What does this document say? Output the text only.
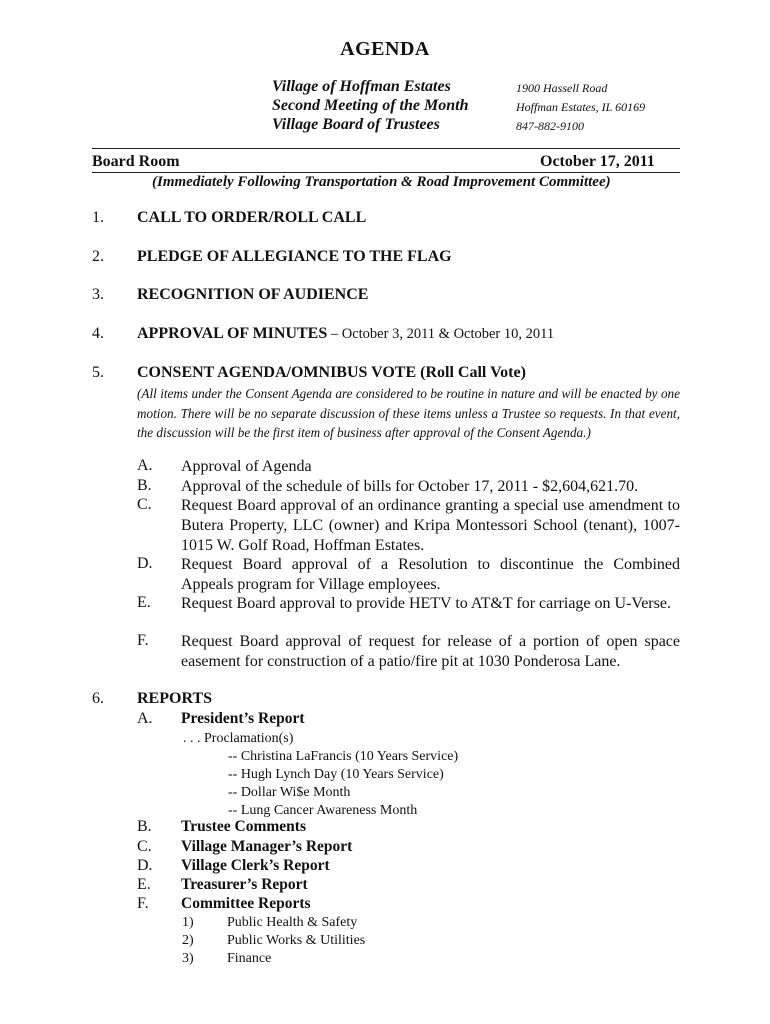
AGENDA
Village of Hoffman Estates
Second Meeting of the Month
Village Board of Trustees
1900 Hassell Road
Hoffman Estates, IL 60169
847-882-9100
Board Room	October 17, 2011
(Immediately Following Transportation & Road Improvement Committee)
1. CALL TO ORDER/ROLL CALL
2. PLEDGE OF ALLEGIANCE TO THE FLAG
3. RECOGNITION OF AUDIENCE
4. APPROVAL OF MINUTES – October 3, 2011 & October 10, 2011
5. CONSENT AGENDA/OMNIBUS VOTE (Roll Call Vote)
(All items under the Consent Agenda are considered to be routine in nature and will be enacted by one motion. There will be no separate discussion of these items unless a Trustee so requests. In that event, the discussion will be the first item of business after approval of the Consent Agenda.)
A. Approval of Agenda
B. Approval of the schedule of bills for October 17, 2011 - $2,604,621.70.
C. Request Board approval of an ordinance granting a special use amendment to Butera Property, LLC (owner) and Kripa Montessori School (tenant), 1007-1015 W. Golf Road, Hoffman Estates.
D. Request Board approval of a Resolution to discontinue the Combined Appeals program for Village employees.
E. Request Board approval to provide HETV to AT&T for carriage on U-Verse.
F. Request Board approval of request for release of a portion of open space easement for construction of a patio/fire pit at 1030 Ponderosa Lane.
6. REPORTS
A. President’s Report
. . . Proclamation(s)
-- Christina LaFrancis (10 Years Service)
-- Hugh Lynch Day (10 Years Service)
-- Dollar Wi$e Month
-- Lung Cancer Awareness Month
B. Trustee Comments
C. Village Manager’s Report
D. Village Clerk’s Report
E. Treasurer’s Report
F. Committee Reports
1) Public Health & Safety
2) Public Works & Utilities
3) Finance
